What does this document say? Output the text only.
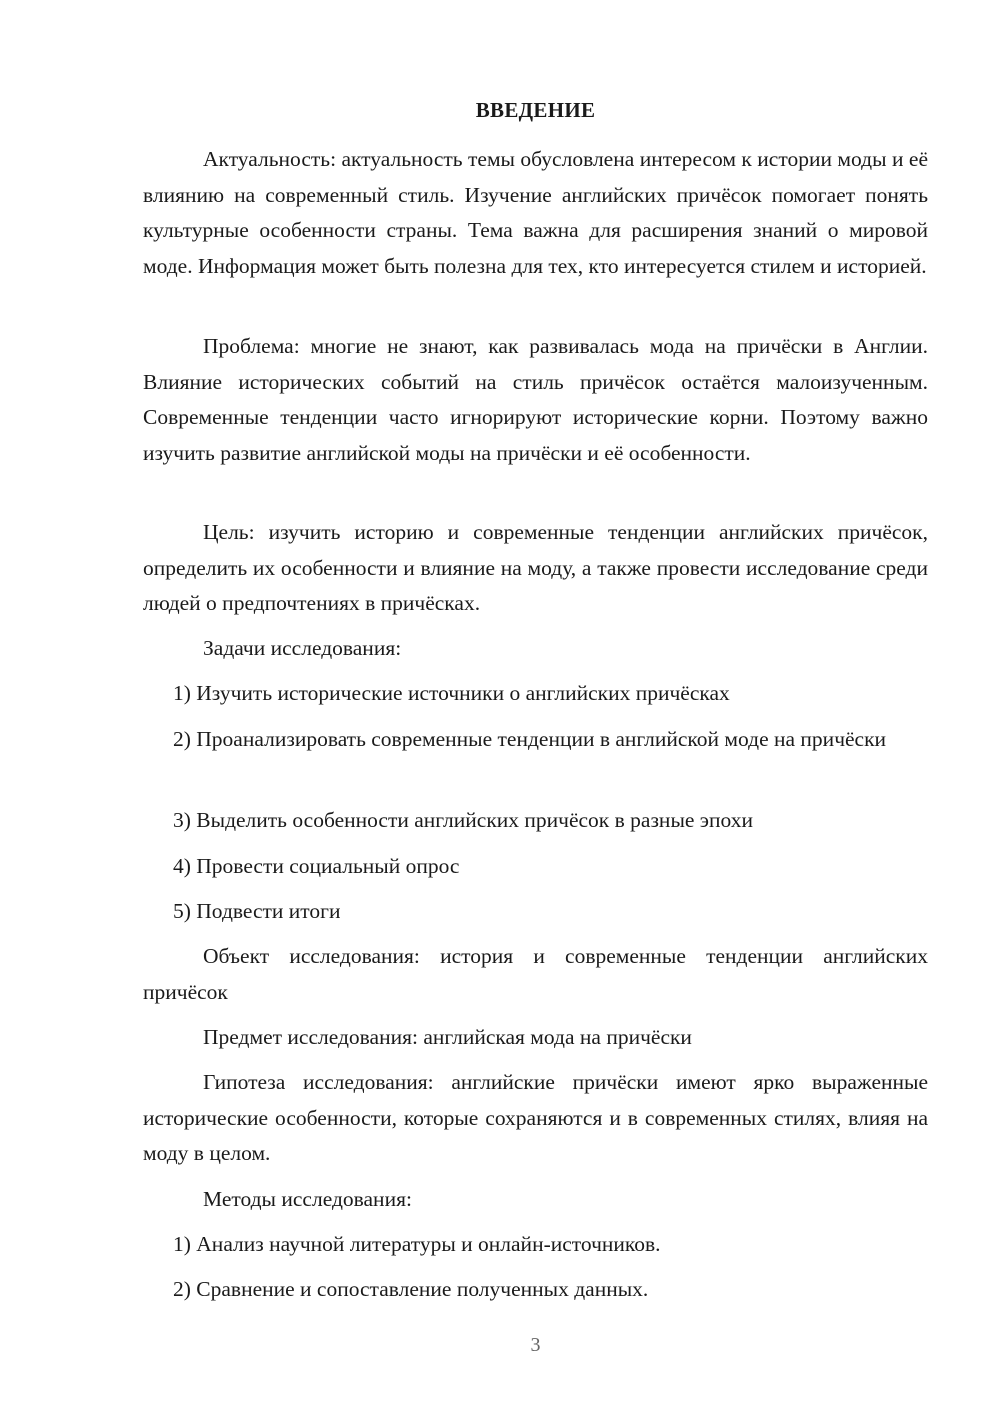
ВВЕДЕНИЕ

Актуальность: актуальность темы обусловлена интересом к истории моды и её влиянию на современный стиль. Изучение английских причёсок помогает понять культурные особенности страны. Тема важна для расширения знаний о мировой моде. Информация может быть полезна для тех, кто интересуется стилем и историей.

Проблема: многие не знают, как развивалась мода на причёски в Англии. Влияние исторических событий на стиль причёсок остаётся малоизученным. Современные тенденции часто игнорируют исторические корни. Поэтому важно изучить развитие английской моды на причёски и её особенности.

Цель: изучить историю и современные тенденции английских причёсок, определить их особенности и влияние на моду, а также провести исследование среди людей о предпочтениях в причёсках.

Задачи исследования:

1) Изучить исторические источники о английских причёсках

2) Проанализировать современные тенденции в английской моде на причёски

3) Выделить особенности английских причёсок в разные эпохи

4) Провести социальный опрос

5) Подвести итоги

Объект исследования: история и современные тенденции английских причёсок

Предмет исследования: английская мода на причёски

Гипотеза исследования: английские причёски имеют ярко выраженные исторические особенности, которые сохраняются и в современных стилях, влияя на моду в целом.

Методы исследования:

1) Анализ научной литературы и онлайн-источников.

2) Сравнение и сопоставление полученных данных.

3
